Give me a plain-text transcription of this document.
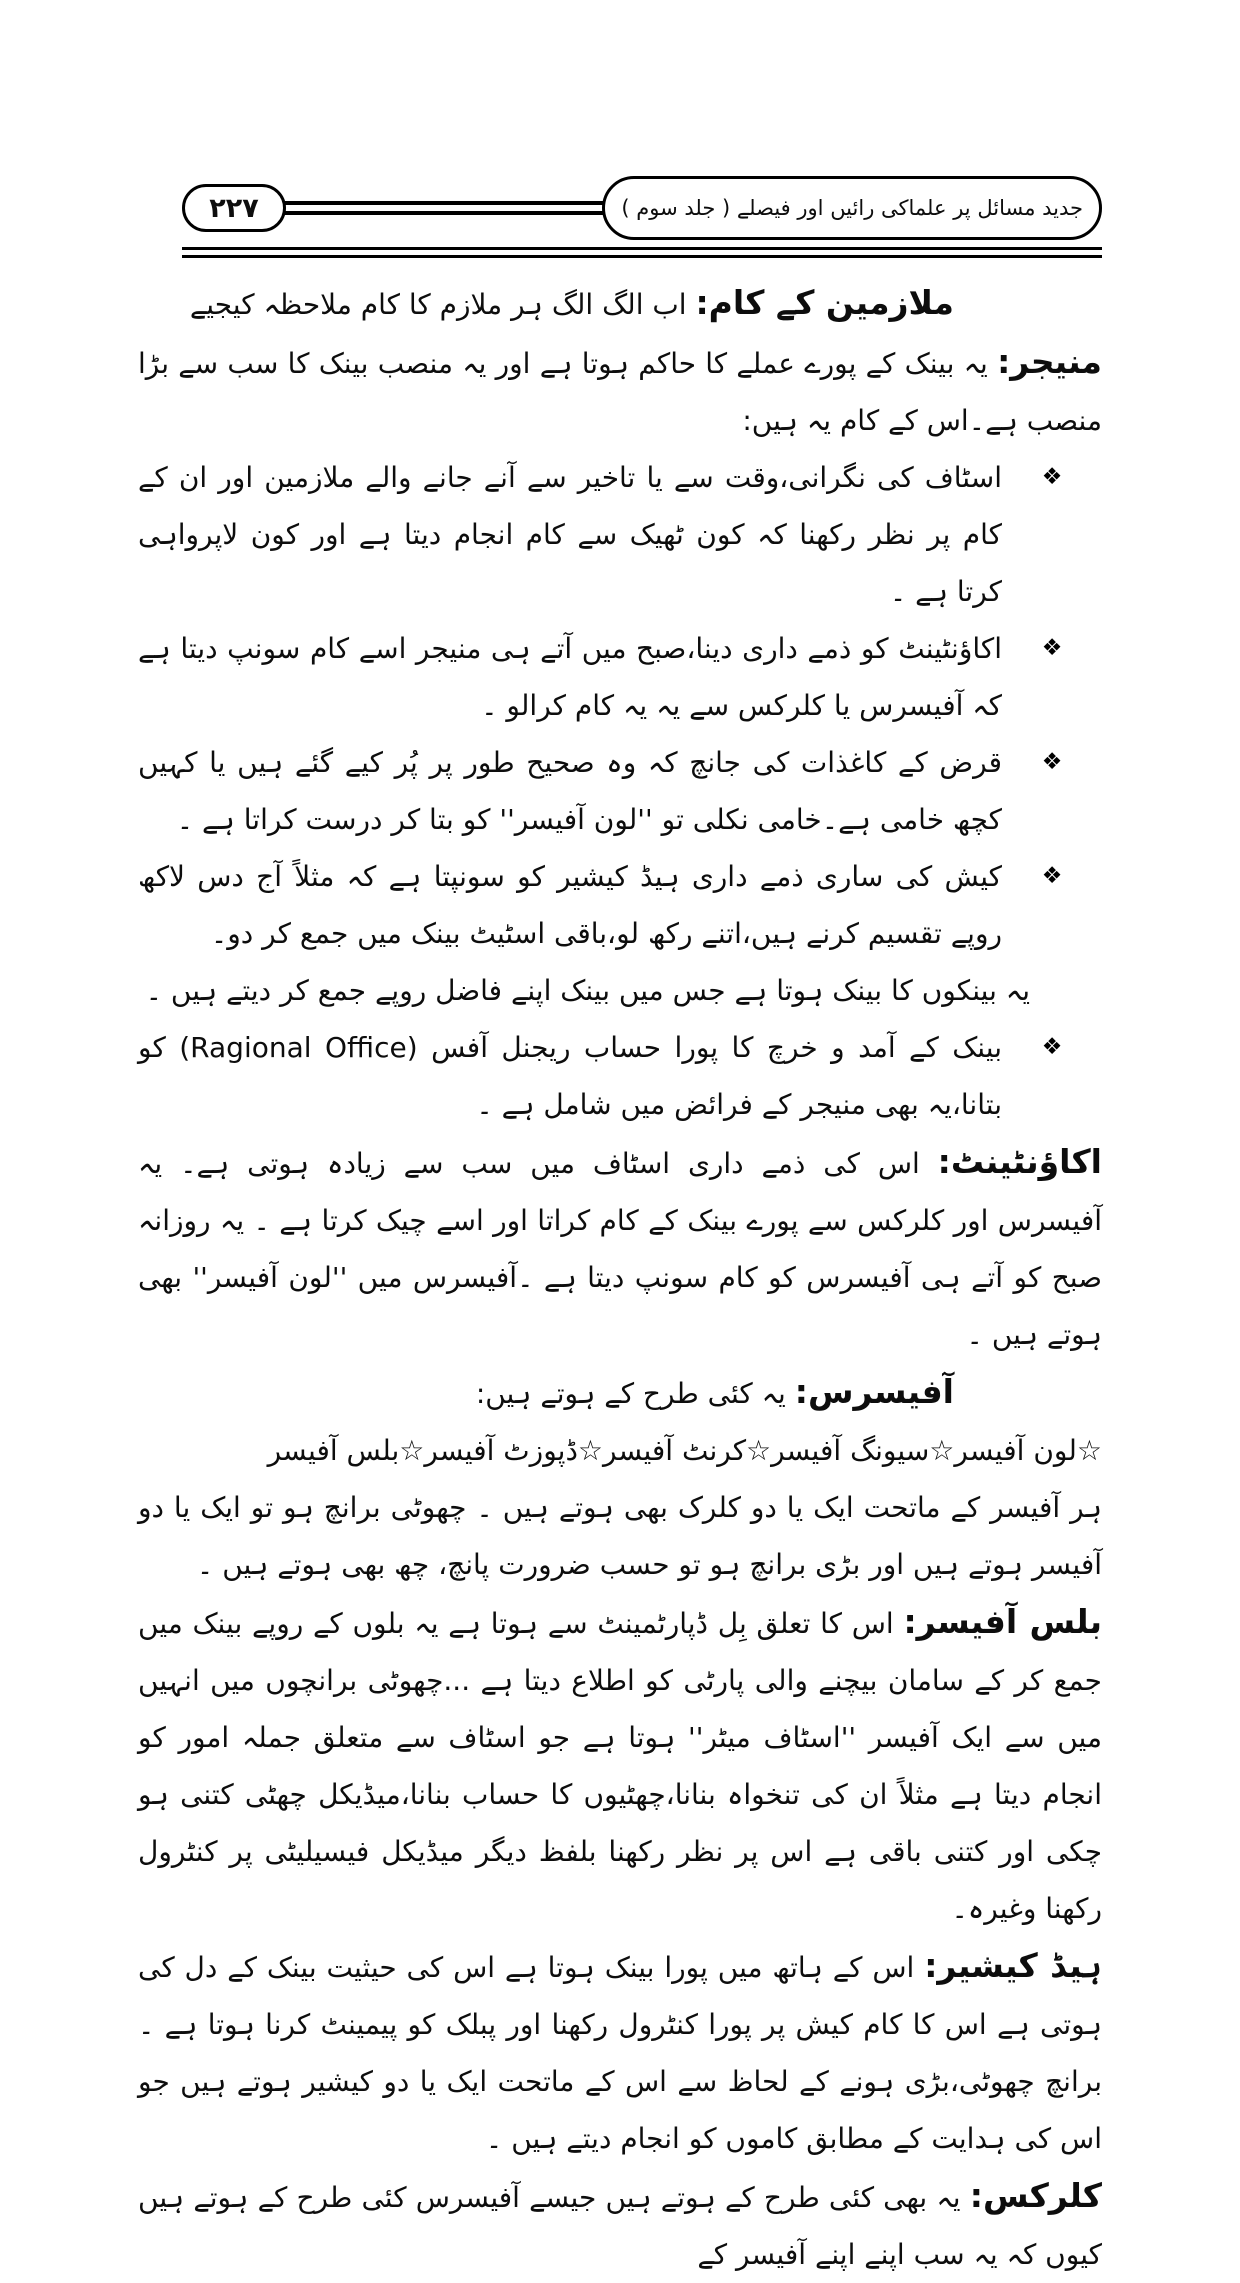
۲۲۷	جدید مسائل پر علماکی رائیں اور فیصلے ( جلد سوم )

ملازمین کے کام: اب الگ الگ ہر ملازم کا کام ملاحظہ کیجیے

منیجر: یہ بینک کے پورے عملے کا حاکم ہوتا ہے اور یہ منصب بینک کا سب سے بڑا منصب ہے۔اس کے کام یہ ہیں:

❖

اسٹاف کی نگرانی،وقت سے یا تاخیر سے آنے جانے والے ملازمین اور ان کے کام پر نظر رکھنا کہ کون ٹھیک سے کام انجام دیتا ہے اور کون لاپرواہی کرتا ہے ۔

❖

اکاؤنٹینٹ کو ذمے داری دینا،صبح میں آتے ہی منیجر اسے کام سونپ دیتا ہے کہ آفیسرس یا کلرکس سے یہ یہ کام کرالو ۔

❖

قرض کے کاغذات کی جانچ کہ وہ صحیح طور پر پُر کیے گئے ہیں یا کہیں کچھ خامی ہے۔خامی نکلی تو ''لون آفیسر'' کو بتا کر درست کراتا ہے ۔

❖

کیش کی ساری ذمے داری ہیڈ کیشیر کو سونپتا ہے کہ مثلاً آج دس لاکھ روپے تقسیم کرنے ہیں،اتنے رکھ لو،باقی اسٹیٹ بینک میں جمع کر دو۔

یہ بینکوں کا بینک ہوتا ہے جس میں بینک اپنے فاضل روپے جمع کر دیتے ہیں ۔

❖

بینک کے آمد و خرچ کا پورا حساب ریجنل آفس (Ragional Office) کو بتانا،یہ بھی منیجر کے فرائض میں شامل ہے ۔

اکاؤنٹینٹ: اس کی ذمے داری اسٹاف میں سب سے زیادہ ہوتی ہے۔ یہ آفیسرس اور کلرکس سے پورے بینک کے کام کراتا اور اسے چیک کرتا ہے ۔ یہ روزانہ صبح کو آتے ہی آفیسرس کو کام سونپ دیتا ہے ۔آفیسرس میں ''لون آفیسر'' بھی ہوتے ہیں ۔

آفیسرس: یہ کئی طرح کے ہوتے ہیں:

☆لون آفیسر☆سیونگ آفیسر☆کرنٹ آفیسر☆ڈپوزٹ آفیسر☆بلس آفیسر

ہر آفیسر کے ماتحت ایک یا دو کلرک بھی ہوتے ہیں ۔ چھوٹی برانچ ہو تو ایک یا دو آفیسر ہوتے ہیں اور بڑی برانچ ہو تو حسب ضرورت پانچ، چھ بھی ہوتے ہیں ۔

بلس آفیسر: اس کا تعلق بِل ڈپارٹمینٹ سے ہوتا ہے یہ بلوں کے روپے بینک میں جمع کر کے سامان بیچنے والی پارٹی کو اطلاع دیتا ہے ...چھوٹی برانچوں میں انہیں میں سے ایک آفیسر ''اسٹاف میٹر'' ہوتا ہے جو اسٹاف سے متعلق جملہ امور کو انجام دیتا ہے مثلاً ان کی تنخواہ بنانا،چھٹیوں کا حساب بنانا،میڈیکل چھٹی کتنی ہو چکی اور کتنی باقی ہے اس پر نظر رکھنا بلفظ دیگر میڈیکل فیسیلیٹی پر کنٹرول رکھنا وغیرہ۔

ہیڈ کیشیر: اس کے ہاتھ میں پورا بینک ہوتا ہے اس کی حیثیت بینک کے دل کی ہوتی ہے اس کا کام کیش پر پورا کنٹرول رکھنا اور پبلک کو پیمینٹ کرنا ہوتا ہے ۔برانچ چھوٹی،بڑی ہونے کے لحاظ سے اس کے ماتحت ایک یا دو کیشیر ہوتے ہیں جو اس کی ہدایت کے مطابق کاموں کو انجام دیتے ہیں ۔

کلرکس: یہ بھی کئی طرح کے ہوتے ہیں جیسے آفیسرس کئی طرح کے ہوتے ہیں کیوں کہ یہ سب اپنے اپنے آفیسر کے
